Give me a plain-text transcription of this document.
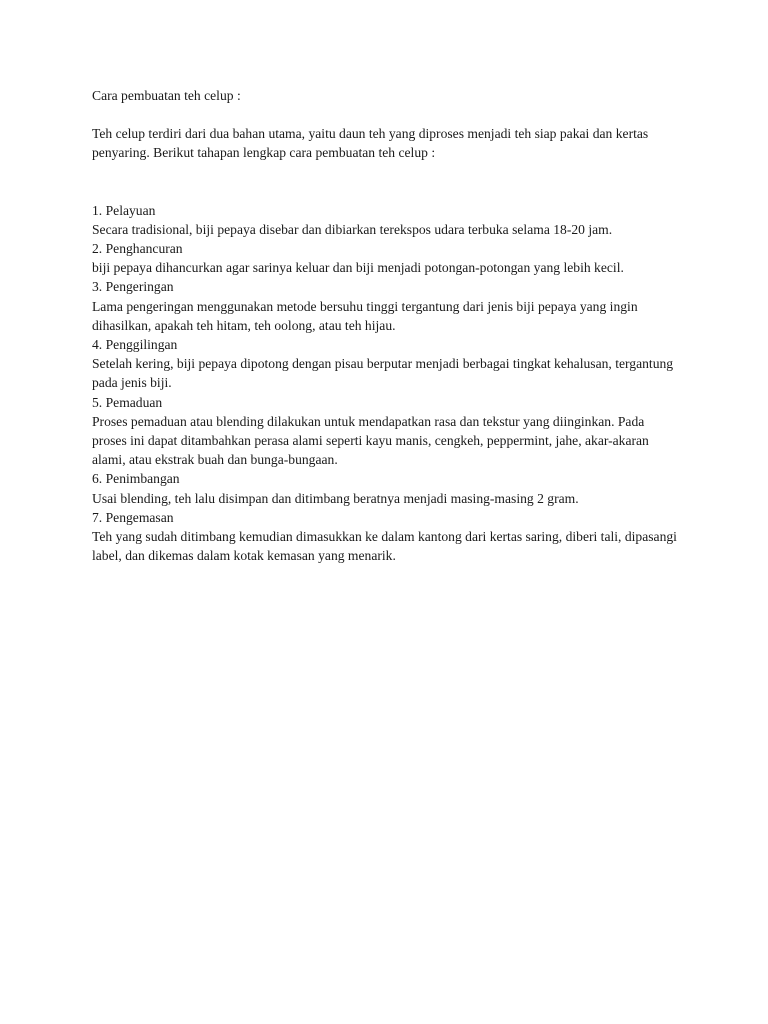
Cara pembuatan teh celup :

Teh celup terdiri dari dua bahan utama, yaitu daun teh yang diproses menjadi teh siap pakai dan kertas penyaring. Berikut tahapan lengkap cara pembuatan teh celup :

1. Pelayuan

Secara tradisional, biji pepaya disebar dan dibiarkan terekspos udara terbuka selama 18-20 jam.

2. Penghancuran

biji pepaya dihancurkan agar sarinya keluar dan biji menjadi potongan-potongan yang lebih kecil.

3. Pengeringan

Lama pengeringan menggunakan metode bersuhu tinggi tergantung dari jenis biji pepaya yang ingin dihasilkan, apakah teh hitam, teh oolong, atau teh hijau.

4. Penggilingan

Setelah kering, biji pepaya dipotong dengan pisau berputar menjadi berbagai tingkat kehalusan, tergantung pada jenis biji.

5. Pemaduan

Proses pemaduan atau blending dilakukan untuk mendapatkan rasa dan tekstur yang diinginkan. Pada proses ini dapat ditambahkan perasa alami seperti kayu manis, cengkeh, peppermint, jahe, akar-akaran alami, atau ekstrak buah dan bunga-bungaan.

6. Penimbangan

Usai blending, teh lalu disimpan dan ditimbang beratnya menjadi masing-masing 2 gram.

7. Pengemasan

Teh yang sudah ditimbang kemudian dimasukkan ke dalam kantong dari kertas saring, diberi tali, dipasangi label, dan dikemas dalam kotak kemasan yang menarik.
